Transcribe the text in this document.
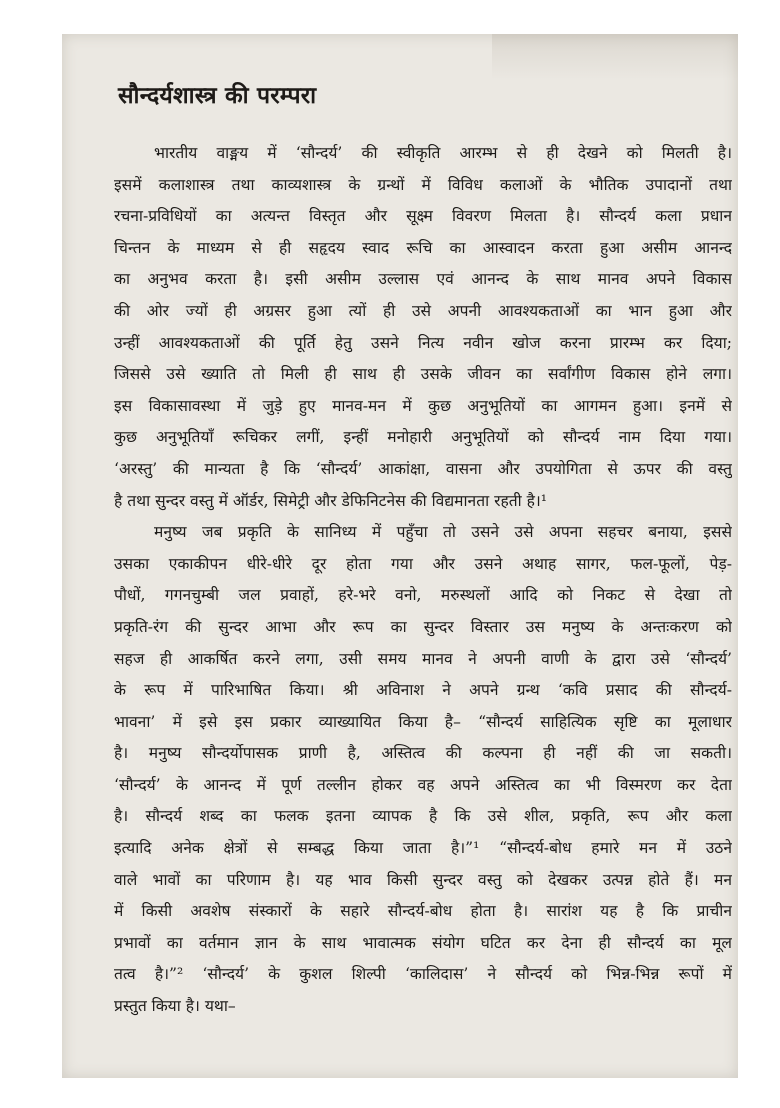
सौन्दर्यशास्त्र की परम्परा
भारतीय वाङ्मय में ‘सौन्दर्य’ की स्वीकृति आरम्भ से ही देखने को मिलती है।
इसमें कलाशास्त्र तथा काव्यशास्त्र के ग्रन्थों में विविध कलाओं के भौतिक उपादानों तथा
रचना-प्रविधियों का अत्यन्त विस्तृत और सूक्ष्म विवरण मिलता है। सौन्दर्य कला प्रधान
चिन्तन के माध्यम से ही सहृदय स्वाद रूचि का आस्वादन करता हुआ असीम आनन्द
का अनुभव करता है। इसी असीम उल्लास एवं आनन्द के साथ मानव अपने विकास
की ओर ज्यों ही अग्रसर हुआ त्यों ही उसे अपनी आवश्यकताओं का भान हुआ और
उन्हीं आवश्यकताओं की पूर्ति हेतु उसने नित्य नवीन खोज करना प्रारम्भ कर दिया;
जिससे उसे ख्याति तो मिली ही साथ ही उसके जीवन का सर्वांगीण विकास होने लगा।
इस विकासावस्था में जुड़े हुए मानव-मन में कुछ अनुभूतियों का आगमन हुआ। इनमें से
कुछ अनुभूतियाँ रूचिकर लगीं, इन्हीं मनोहारी अनुभूतियों को सौन्दर्य नाम दिया गया।
‘अरस्तु’ की मान्यता है कि ‘सौन्दर्य’ आकांक्षा, वासना और उपयोगिता से ऊपर की वस्तु
है तथा सुन्दर वस्तु में ऑर्डर, सिमेट्री और डेफिनिटनेस की विद्यमानता रहती है।¹
मनुष्य जब प्रकृति के सानिध्य में पहुँचा तो उसने उसे अपना सहचर बनाया, इससे
उसका एकाकीपन धीरे-धीरे दूर होता गया और उसने अथाह सागर, फल-फूलों, पेड़-
पौधों, गगनचुम्बी जल प्रवाहों, हरे-भरे वनो, मरुस्थलों आदि को निकट से देखा तो
प्रकृति-रंग की सुन्दर आभा और रूप का सुन्दर विस्तार उस मनुष्य के अन्तःकरण को
सहज ही आकर्षित करने लगा, उसी समय मानव ने अपनी वाणी के द्वारा उसे ‘सौन्दर्य’
के रूप में पारिभाषित किया। श्री अविनाश ने अपने ग्रन्थ ‘कवि प्रसाद की सौन्दर्य-
भावना’ में इसे इस प्रकार व्याख्यायित किया है– “सौन्दर्य साहित्यिक सृष्टि का मूलाधार
है। मनुष्य सौन्दर्योपासक प्राणी है, अस्तित्व की कल्पना ही नहीं की जा सकती।
‘सौन्दर्य’ के आनन्द में पूर्ण तल्लीन होकर वह अपने अस्तित्व का भी विस्मरण कर देता
है। सौन्दर्य शब्द का फलक इतना व्यापक है कि उसे शील, प्रकृति, रूप और कला
इत्यादि अनेक क्षेत्रों से सम्बद्ध किया जाता है।”¹ “सौन्दर्य-बोध हमारे मन में उठने
वाले भावों का परिणाम है। यह भाव किसी सुन्दर वस्तु को देखकर उत्पन्न होते हैं। मन
में किसी अवशेष संस्कारों के सहारे सौन्दर्य-बोध होता है। सारांश यह है कि प्राचीन
प्रभावों का वर्तमान ज्ञान के साथ भावात्मक संयोग घटित कर देना ही सौन्दर्य का मूल
तत्व है।”² ‘सौन्दर्य’ के कुशल शिल्पी ‘कालिदास’ ने सौन्दर्य को भिन्न-भिन्न रूपों में
प्रस्तुत किया है। यथा–
